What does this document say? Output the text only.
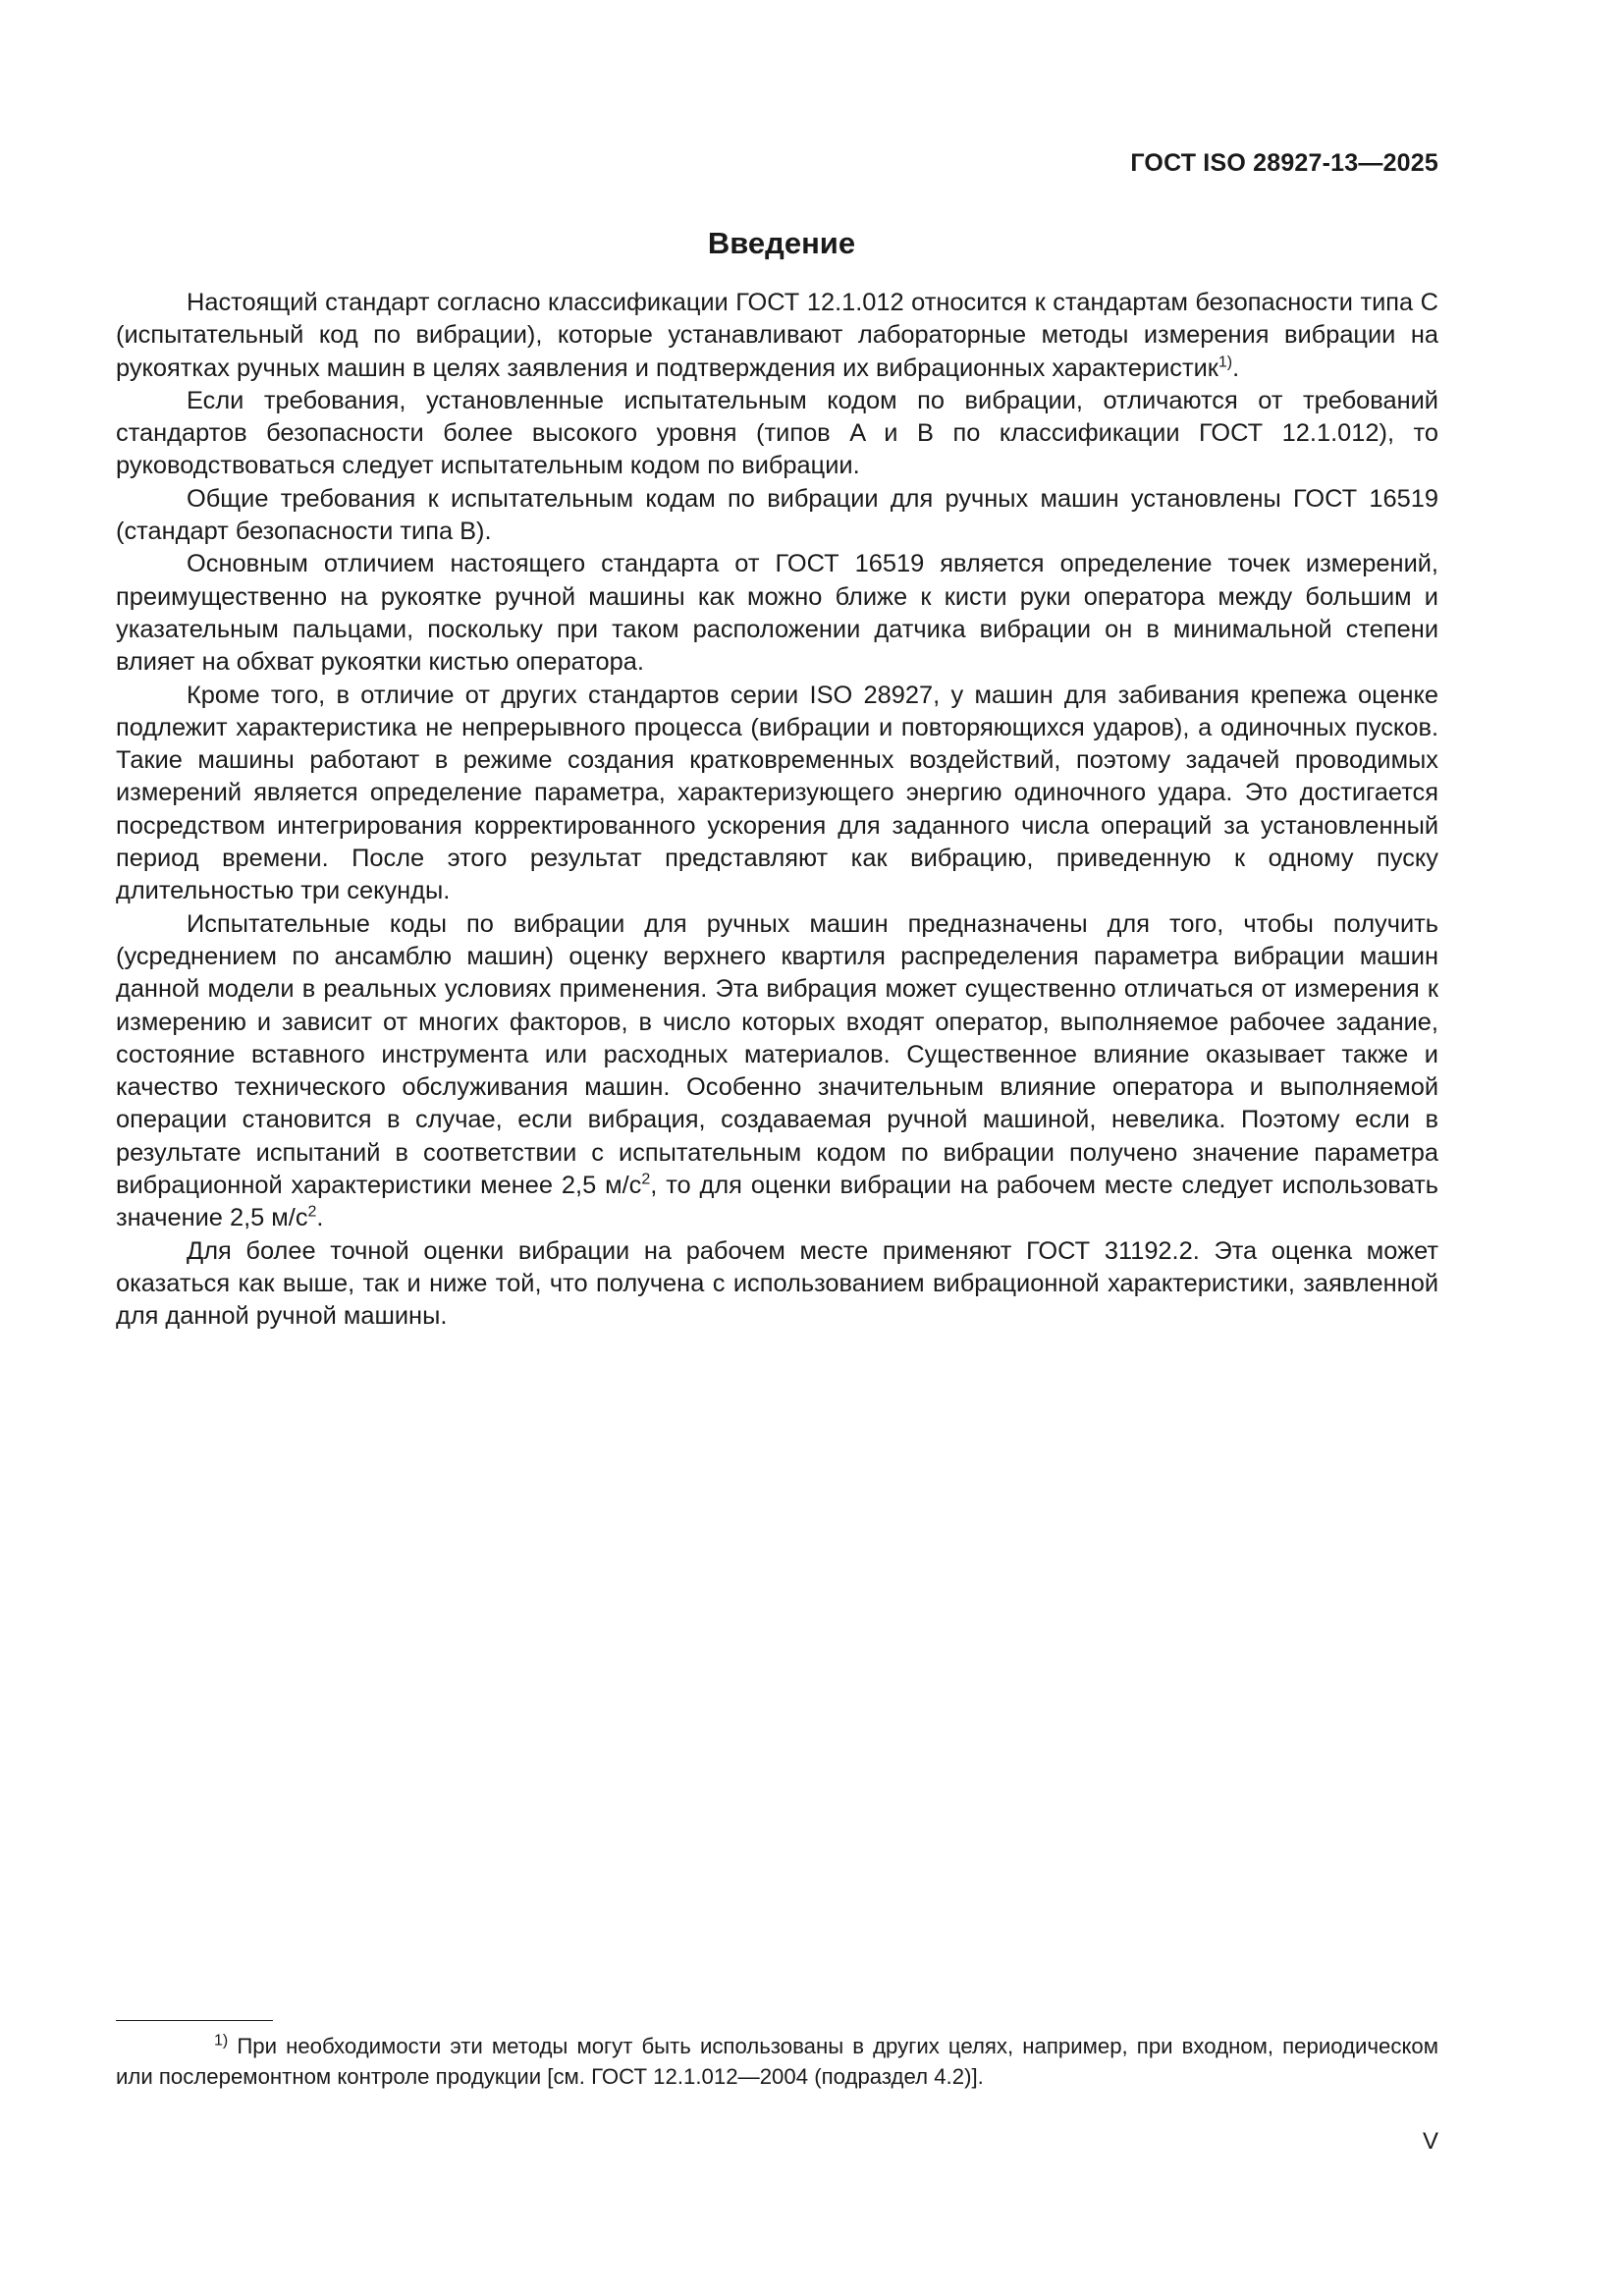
ГОСТ ISO 28927-13—2025
Введение

Настоящий стандарт согласно классификации ГОСТ 12.1.012 относится к стандартам безопасности типа C (испытательный код по вибрации), которые устанавливают лабораторные методы измерения вибрации на рукоятках ручных машин в целях заявления и подтверждения их вибрационных характеристик$^{1)}$.

Если требования, установленные испытательным кодом по вибрации, отличаются от требований стандартов безопасности более высокого уровня (типов A и B по классификации ГОСТ 12.1.012), то руководствоваться следует испытательным кодом по вибрации.

Общие требования к испытательным кодам по вибрации для ручных машин установлены ГОСТ 16519 (стандарт безопасности типа B).

Основным отличием настоящего стандарта от ГОСТ 16519 является определение точек измерений, преимущественно на рукоятке ручной машины как можно ближе к кисти руки оператора между большим и указательным пальцами, поскольку при таком расположении датчика вибрации он в минимальной степени влияет на обхват рукоятки кистью оператора.

Кроме того, в отличие от других стандартов серии ISO 28927, у машин для забивания крепежа оценке подлежит характеристика не непрерывного процесса (вибрации и повторяющихся ударов), а одиночных пусков. Такие машины работают в режиме создания кратковременных воздействий, поэтому задачей проводимых измерений является определение параметра, характеризующего энергию одиночного удара. Это достигается посредством интегрирования корректированного ускорения для заданного числа операций за установленный период времени. После этого результат представляют как вибрацию, приведенную к одному пуску длительностью три секунды.

Испытательные коды по вибрации для ручных машин предназначены для того, чтобы получить (усреднением по ансамблю машин) оценку верхнего квартиля распределения параметра вибрации машин данной модели в реальных условиях применения. Эта вибрация может существенно отличаться от измерения к измерению и зависит от многих факторов, в число которых входят оператор, выполняемое рабочее задание, состояние вставного инструмента или расходных материалов. Существенное влияние оказывает также и качество технического обслуживания машин. Особенно значительным влияние оператора и выполняемой операции становится в случае, если вибрация, создаваемая ручной машиной, невелика. Поэтому если в результате испытаний в соответствии с испытательным кодом по вибрации получено значение параметра вибрационной характеристики менее 2,5 $м/с^2$, то для оценки вибрации на рабочем месте следует использовать значение 2,5 $м/с^2$.

Для более точной оценки вибрации на рабочем месте применяют ГОСТ 31192.2. Эта оценка может оказаться как выше, так и ниже той, что получена с использованием вибрационной характеристики, заявленной для данной ручной машины.

$^{1)}$ При необходимости эти методы могут быть использованы в других целях, например, при входном, периодическом или послеремонтном контроле продукции [см. ГОСТ 12.1.012—2004 (подраздел 4.2)].
V
